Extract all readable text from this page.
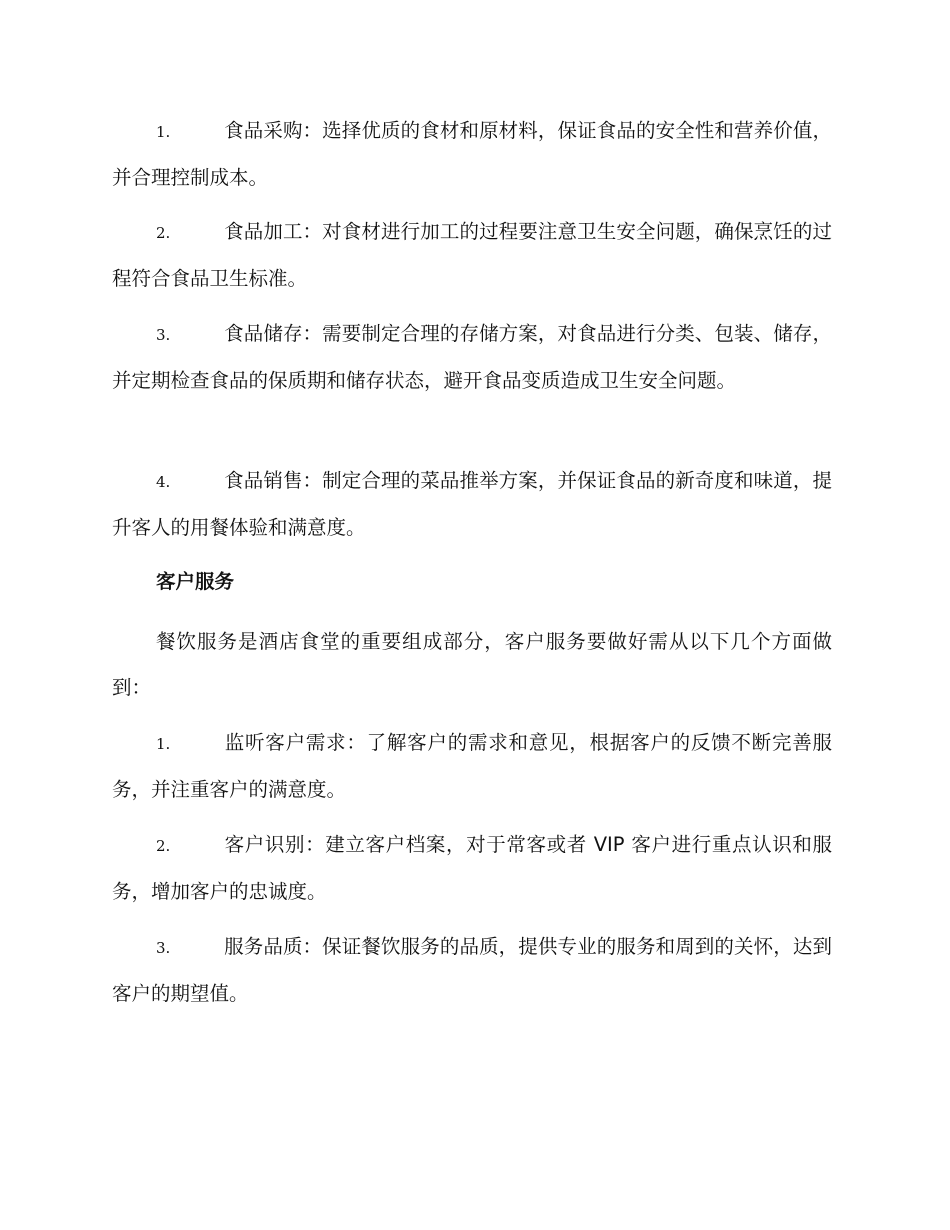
1.	食品采购：选择优质的食材和原材料，保证食品的安全性和营养价值，并合理控制成本。
2.	食品加工：对食材进行加工的过程要注意卫生安全问题，确保烹饪的过程符合食品卫生标准。
3.	食品储存：需要制定合理的存储方案，对食品进行分类、包装、储存，并定期检查食品的保质期和储存状态，避开食品变质造成卫生安全问题。
4.	食品销售：制定合理的菜品推举方案，并保证食品的新奇度和味道，提升客人的用餐体验和满意度。
客户服务
餐饮服务是酒店食堂的重要组成部分，客户服务要做好需从以下几个方面做到：
1.	监听客户需求：了解客户的需求和意见，根据客户的反馈不断完善服务，并注重客户的满意度。
2.	客户识别：建立客户档案，对于常客或者 VIP 客户进行重点认识和服务，增加客户的忠诚度。
3.	服务品质：保证餐饮服务的品质，提供专业的服务和周到的关怀，达到客户的期望值。
